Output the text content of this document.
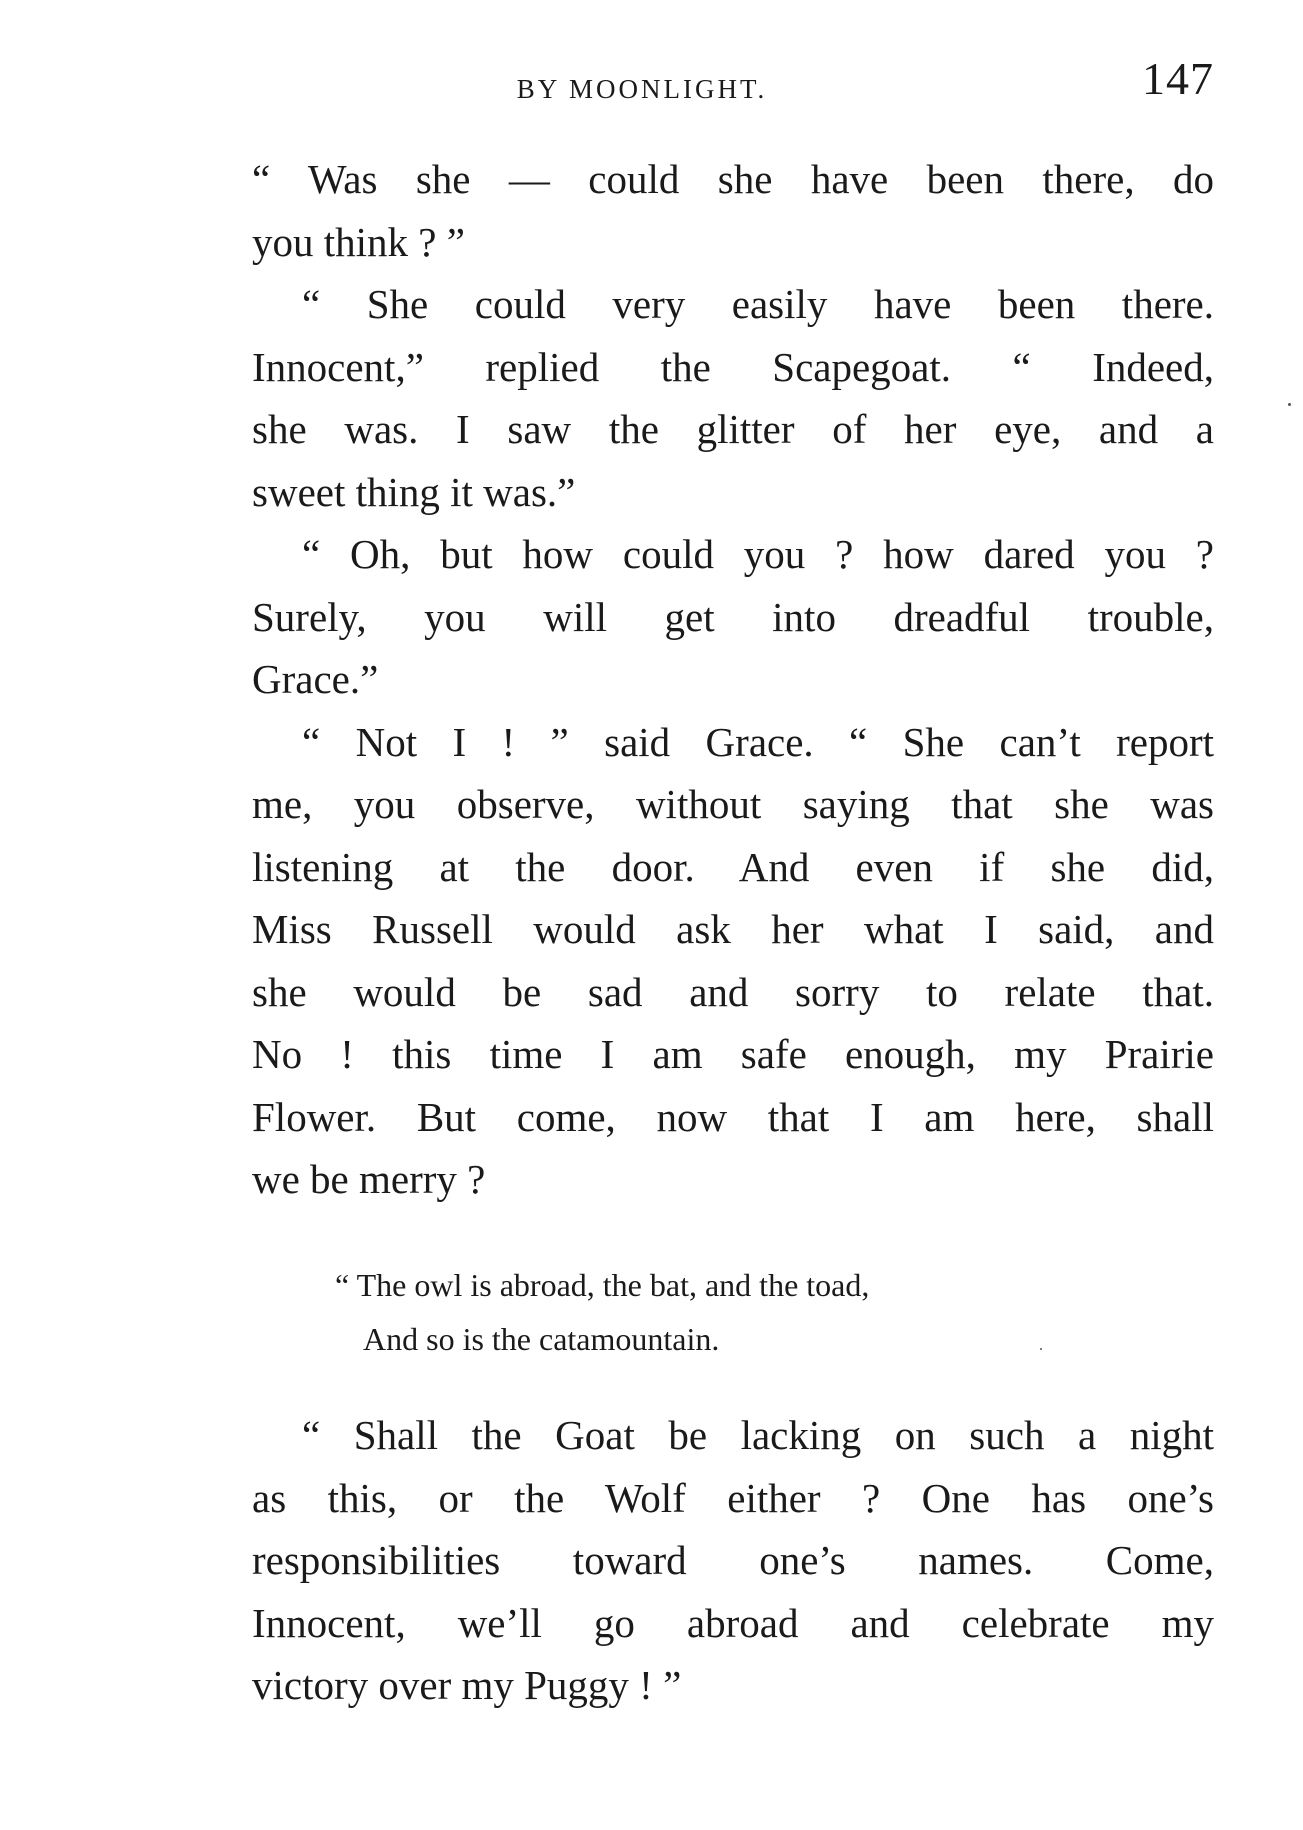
BY MOONLIGHT.	147
“ Was she — could she have been there, do
you think ? ”
“ She could very easily have been there.
Innocent,” replied the Scapegoat. “ Indeed,
she was. I saw the glitter of her eye, and a
sweet thing it was.”
“ Oh, but how could you ? how dared you ?
Surely, you will get into dreadful trouble,
Grace.”
“ Not I ! ” said Grace. “ She can’t report
me, you observe, without saying that she was
listening at the door. And even if she did,
Miss Russell would ask her what I said, and
she would be sad and sorry to relate that.
No ! this time I am safe enough, my Prairie
Flower. But come, now that I am here, shall
we be merry ?
“ The owl is abroad, the bat, and the toad,
And so is the catamountain.
“ Shall the Goat be lacking on such a night
as this, or the Wolf either ? One has one’s
responsibilities toward one’s names. Come,
Innocent, we’ll go abroad and celebrate my
victory over my Puggy ! ”
